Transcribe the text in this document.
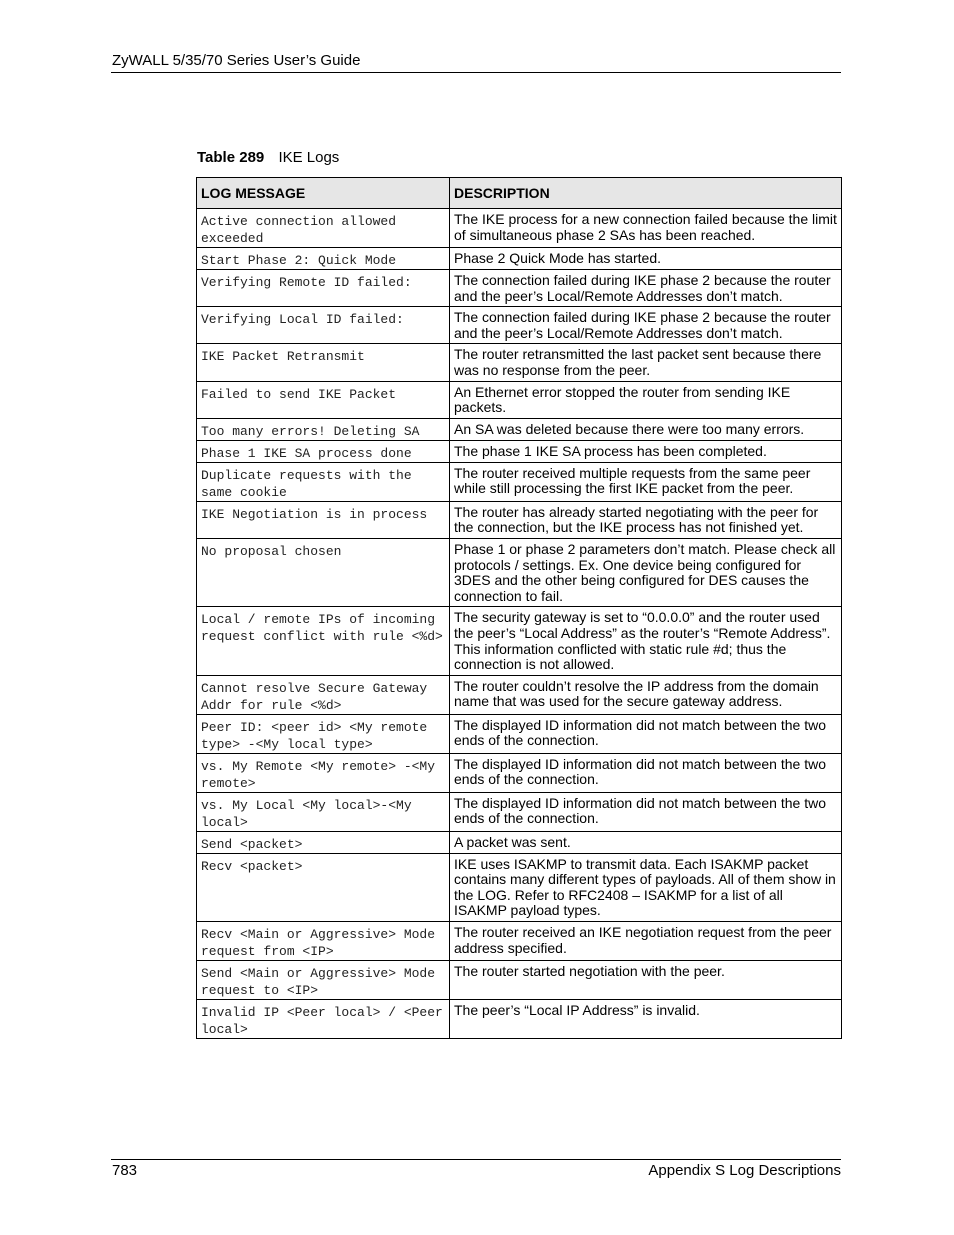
ZyWALL 5/35/70 Series User’s Guide
Table 289 IKE Logs
LOG MESSAGE	DESCRIPTION
Active connection allowed exceeded	The IKE process for a new connection failed because the limit of simultaneous phase 2 SAs has been reached.
Start Phase 2: Quick Mode	Phase 2 Quick Mode has started.
Verifying Remote ID failed:	The connection failed during IKE phase 2 because the router and the peer’s Local/Remote Addresses don’t match.
Verifying Local ID failed:	The connection failed during IKE phase 2 because the router and the peer’s Local/Remote Addresses don’t match.
IKE Packet Retransmit	The router retransmitted the last packet sent because there was no response from the peer.
Failed to send IKE Packet	An Ethernet error stopped the router from sending IKE packets.
Too many errors! Deleting SA	An SA was deleted because there were too many errors.
Phase 1 IKE SA process done	The phase 1 IKE SA process has been completed.
Duplicate requests with the same cookie	The router received multiple requests from the same peer while still processing the first IKE packet from the peer.
IKE Negotiation is in process	The router has already started negotiating with the peer for the connection, but the IKE process has not finished yet.
No proposal chosen	Phase 1 or phase 2 parameters don’t match. Please check all protocols / settings. Ex. One device being configured for 3DES and the other being configured for DES causes the connection to fail.
Local / remote IPs of incoming request conflict with rule <%d>	The security gateway is set to “0.0.0.0” and the router used the peer’s “Local Address” as the router’s “Remote Address”. This information conflicted with static rule #d; thus the connection is not allowed.
Cannot resolve Secure Gateway Addr for rule <%d>	The router couldn’t resolve the IP address from the domain name that was used for the secure gateway address.
Peer ID: <peer id> <My remote type> -<My local type>	The displayed ID information did not match between the two ends of the connection.
vs. My Remote <My remote> -<My remote>	The displayed ID information did not match between the two ends of the connection.
vs. My Local <My local>-<My local>	The displayed ID information did not match between the two ends of the connection.
Send <packet>	A packet was sent.
Recv <packet>	IKE uses ISAKMP to transmit data. Each ISAKMP packet contains many different types of payloads. All of them show in the LOG. Refer to RFC2408 – ISAKMP for a list of all ISAKMP payload types.
Recv <Main or Aggressive> Mode request from <IP>	The router received an IKE negotiation request from the peer address specified.
Send <Main or Aggressive> Mode request to <IP>	The router started negotiation with the peer.
Invalid IP <Peer local> / <Peer local>	The peer’s “Local IP Address” is invalid.
783	Appendix S Log Descriptions
